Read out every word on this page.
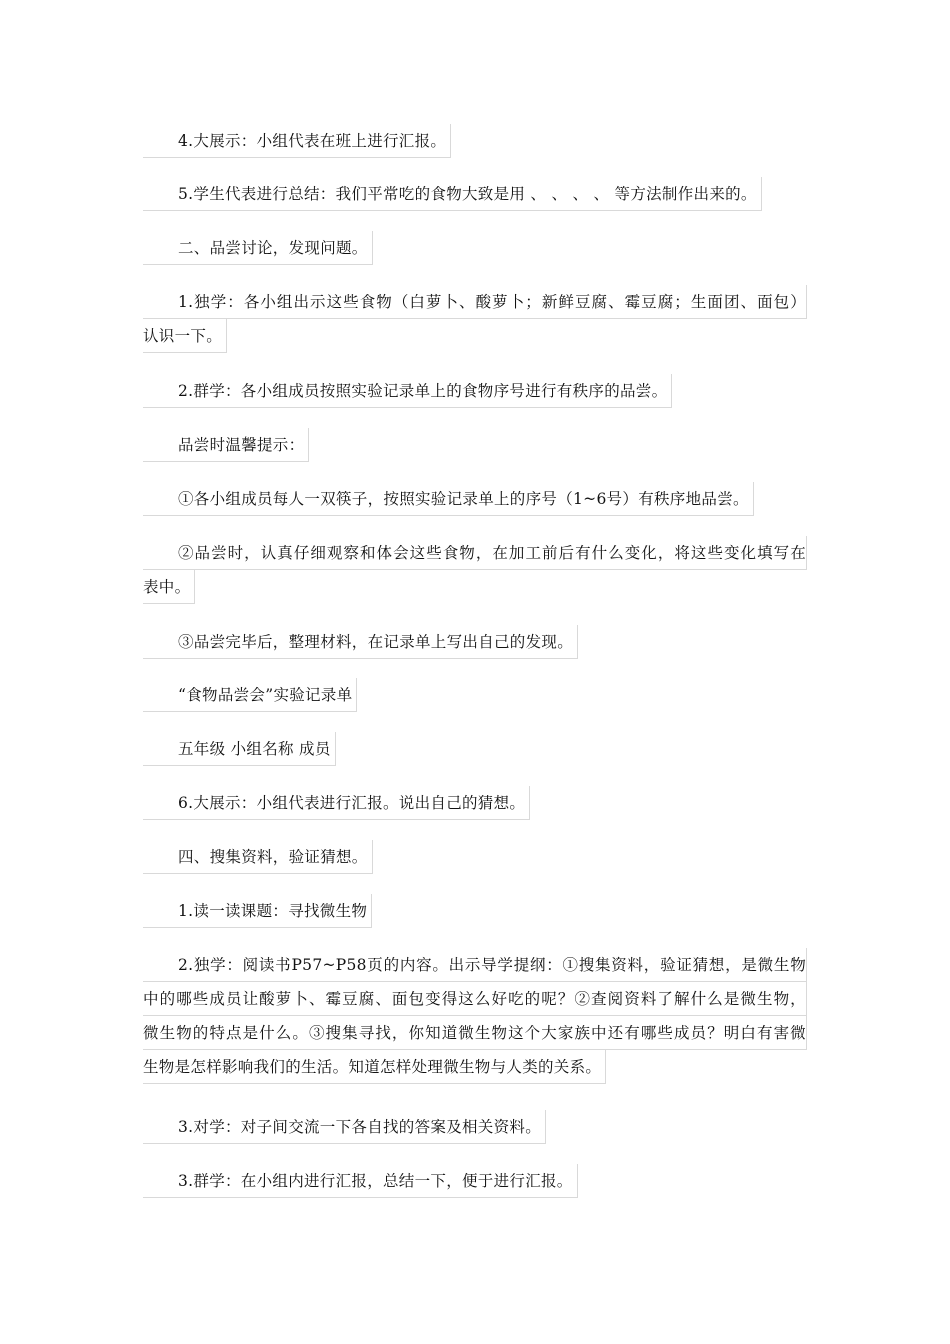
4.大展示：小组代表在班上进行汇报。
5.学生代表进行总结：我们平常吃的食物大致是用 、 、 、 、 等方法制作出来的。
二、品尝讨论，发现问题。
1.独学：各小组出示这些食物（白萝卜、酸萝卜；新鲜豆腐、霉豆腐；生面团、面包）
认识一下。
2.群学：各小组成员按照实验记录单上的食物序号进行有秩序的品尝。
品尝时温馨提示：
①各小组成员每人一双筷子，按照实验记录单上的序号（1~6号）有秩序地品尝。
②品尝时，认真仔细观察和体会这些食物，在加工前后有什么变化，将这些变化填写在
表中。
③品尝完毕后，整理材料，在记录单上写出自己的发现。
“食物品尝会”实验记录单
五年级 小组名称 成员
6.大展示：小组代表进行汇报。说出自己的猜想。
四、搜集资料，验证猜想。
1.读一读课题：寻找微生物
2.独学：阅读书P57~P58页的内容。出示导学提纲：①搜集资料，验证猜想，是微生物
中的哪些成员让酸萝卜、霉豆腐、面包变得这么好吃的呢？②查阅资料了解什么是微生物，
微生物的特点是什么。③搜集寻找，你知道微生物这个大家族中还有哪些成员？明白有害微
生物是怎样影响我们的生活。知道怎样处理微生物与人类的关系。
3.对学：对子间交流一下各自找的答案及相关资料。
3.群学：在小组内进行汇报，总结一下，便于进行汇报。
